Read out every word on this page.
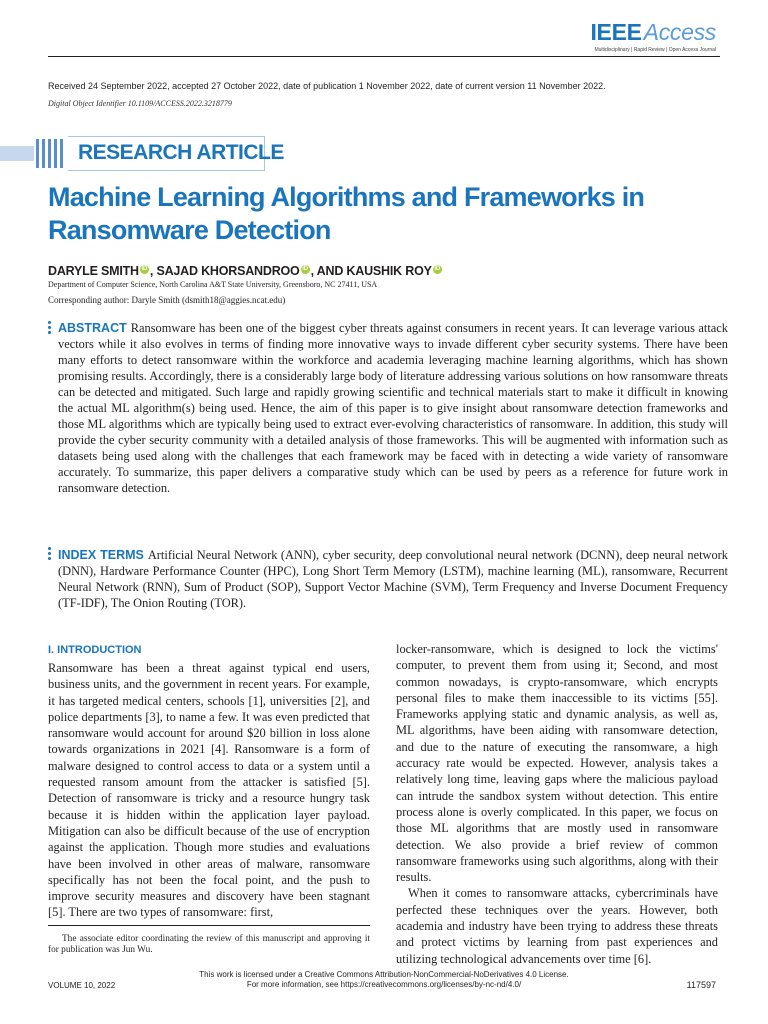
IEEEAccess
Multidisciplinary | Rapid Review | Open Access Journal
Received 24 September 2022, accepted 27 October 2022, date of publication 1 November 2022, date of current version 11 November 2022.
Digital Object Identifier 10.1109/ACCESS.2022.3218779
RESEARCH ARTICLE
Machine Learning Algorithms and Frameworks in Ransomware Detection
DARYLE SMITH iD , SAJAD KHORSANDROO iD , AND KAUSHIK ROY iD
Department of Computer Science, North Carolina A&T State University, Greensboro, NC 27411, USA
Corresponding author: Daryle Smith (dsmith18@aggies.ncat.edu)
ABSTRACT Ransomware has been one of the biggest cyber threats against consumers in recent years. It can leverage various attack vectors while it also evolves in terms of finding more innovative ways to invade different cyber security systems. There have been many efforts to detect ransomware within the workforce and academia leveraging machine learning algorithms, which has shown promising results. Accordingly, there is a considerably large body of literature addressing various solutions on how ransomware threats can be detected and mitigated. Such large and rapidly growing scientific and technical materials start to make it difficult in knowing the actual ML algorithm(s) being used. Hence, the aim of this paper is to give insight about ransomware detection frameworks and those ML algorithms which are typically being used to extract ever-evolving characteristics of ransomware. In addition, this study will provide the cyber security community with a detailed analysis of those frameworks. This will be augmented with information such as datasets being used along with the challenges that each framework may be faced with in detecting a wide variety of ransomware accurately. To summarize, this paper delivers a comparative study which can be used by peers as a reference for future work in ransomware detection.
INDEX TERMS Artificial Neural Network (ANN), cyber security, deep convolutional neural network (DCNN), deep neural network (DNN), Hardware Performance Counter (HPC), Long Short Term Memory (LSTM), machine learning (ML), ransomware, Recurrent Neural Network (RNN), Sum of Product (SOP), Support Vector Machine (SVM), Term Frequency and Inverse Document Frequency (TF-IDF), The Onion Routing (TOR).
I. INTRODUCTION
Ransomware has been a threat against typical end users, business units, and the government in recent years. For example, it has targeted medical centers, schools [1], universities [2], and police departments [3], to name a few. It was even predicted that ransomware would account for around $20 billion in loss alone towards organizations in 2021 [4]. Ransomware is a form of malware designed to control access to data or a system until a requested ransom amount from the attacker is satisfied [5]. Detection of ransomware is tricky and a resource hungry task because it is hidden within the application layer payload. Mitigation can also be difficult because of the use of encryption against the application. Though more studies and evaluations have been involved in other areas of malware, ransomware specifically has not been the focal point, and the push to improve security measures and discovery have been stagnant [5]. There are two types of ransomware: first,

locker-ransomware, which is designed to lock the victims' computer, to prevent them from using it; Second, and most common nowadays, is crypto-ransomware, which encrypts personal files to make them inaccessible to its victims [55]. Frameworks applying static and dynamic analysis, as well as, ML algorithms, have been aiding with ransomware detection, and due to the nature of executing the ransomware, a high accuracy rate would be expected. However, analysis takes a relatively long time, leaving gaps where the malicious payload can intrude the sandbox system without detection. This entire process alone is overly complicated. In this paper, we focus on those ML algorithms that are mostly used in ransomware detection. We also provide a brief review of common ransomware frameworks using such algorithms, along with their results.

When it comes to ransomware attacks, cybercriminals have perfected these techniques over the years. However, both academia and industry have been trying to address these threats and protect victims by learning from past experiences and utilizing technological advancements over time [6].

The associate editor coordinating the review of this manuscript and approving it for publication was Jun Wu.
This work is licensed under a Creative Commons Attribution-NonCommercial-NoDerivatives 4.0 License.
For more information, see https://creativecommons.org/licenses/by-nc-nd/4.0/
VOLUME 10, 2022	117597
